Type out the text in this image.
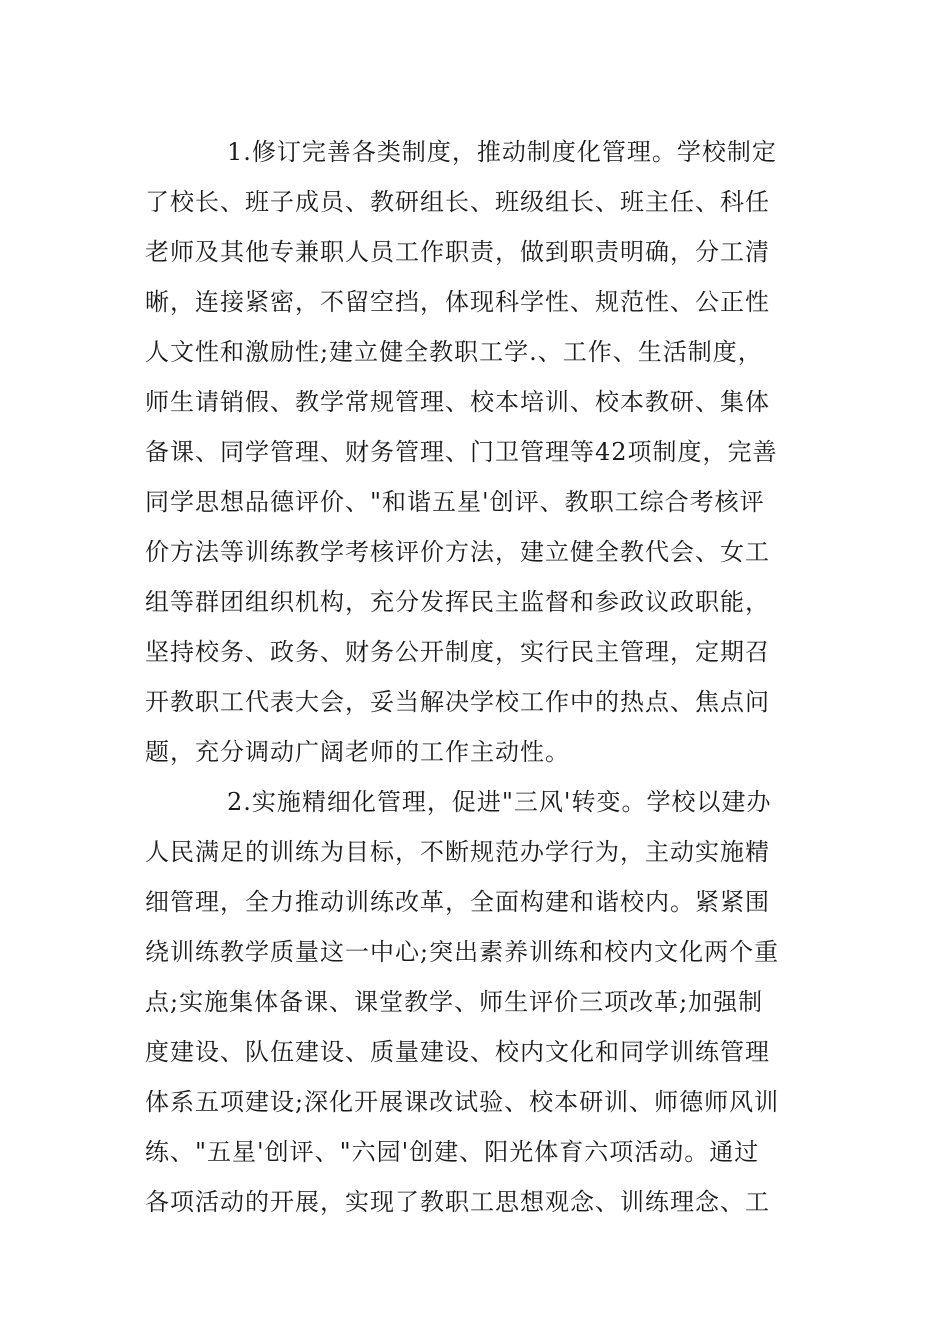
1.修订完善各类制度，推动制度化管理。学校制定
了校长、班子成员、教研组长、班级组长、班主任、科任
老师及其他专兼职人员工作职责，做到职责明确，分工清
晰，连接紧密，不留空挡，体现科学性、规范性、公正性
人文性和激励性;建立健全教职工学.、工作、生活制度，
师生请销假、教学常规管理、校本培训、校本教研、集体
备课、同学管理、财务管理、门卫管理等42项制度，完善
同学思想品德评价、"和谐五星'创评、教职工综合考核评
价方法等训练教学考核评价方法，建立健全教代会、女工
组等群团组织机构，充分发挥民主监督和参政议政职能，
坚持校务、政务、财务公开制度，实行民主管理，定期召
开教职工代表大会，妥当解决学校工作中的热点、焦点问
题，充分调动广阔老师的工作主动性。
2.实施精细化管理，促进"三风'转变。学校以建办
人民满足的训练为目标，不断规范办学行为，主动实施精
细管理，全力推动训练改革，全面构建和谐校内。紧紧围
绕训练教学质量这一中心;突出素养训练和校内文化两个重
点;实施集体备课、课堂教学、师生评价三项改革;加强制
度建设、队伍建设、质量建设、校内文化和同学训练管理
体系五项建设;深化开展课改试验、校本研训、师德师风训
练、"五星'创评、"六园'创建、阳光体育六项活动。通过
各项活动的开展，实现了教职工思想观念、训练理念、工
